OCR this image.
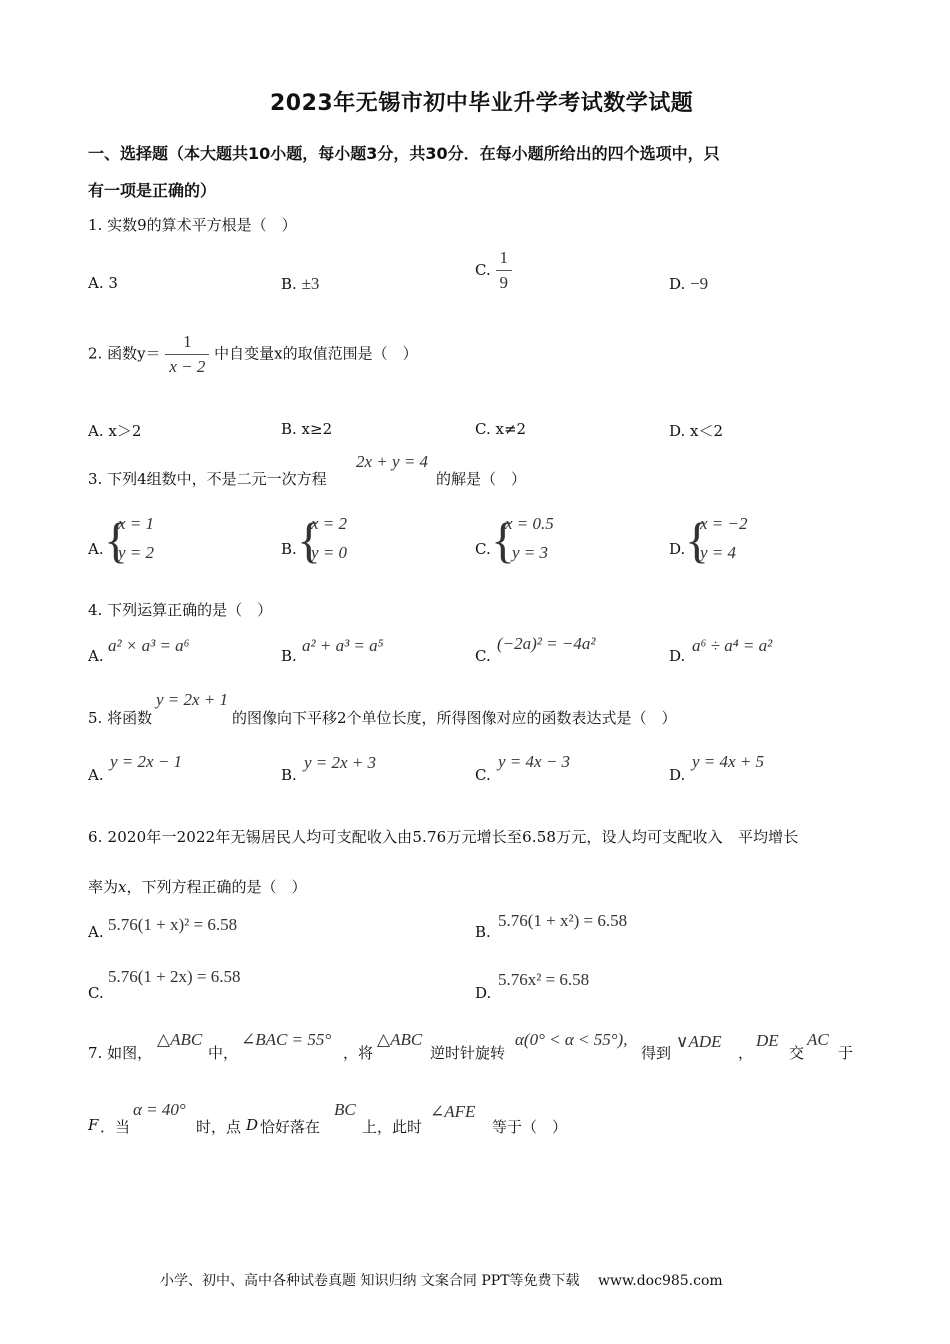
2023年无锡市初中毕业升学考试数学试题
一、选择题（本大题共10小题，每小题3分，共30分．在每小题所给出的四个选项中，只
有一项是正确的）
1. 实数9的算术平方根是（　）
A. 3	B. ±3
C. $\frac{1}{9}$	D. −9
2. 函数$y= \frac{1}{x - 2}$ 中自变量x的取值范围是（　）
A. x＞2	B. x≥2	C. x≠2	D. x＜2
3. 下列4组数中，不是二元一次方程
2x + y = 4
的解是（　）
A. {
x = 1
y = 2	B. {
x = 2
y = 0	C. {
x = 0.5
y = 3	D. {
x = −2
y = 4
4. 下列运算正确的是（　）
A.
a² × a³ = a⁶
B.
a² + a³ = a⁵
C.
(−2a)² = −4a²
D.
a⁶ ÷ a⁴ = a²
5. 将函数
y = 2x + 1
的图像向下平移2个单位长度，所得图像对应的函数表达式是（　）
A.
y = 2x − 1
B.
y = 2x + 3
C.
y = 4x − 3
D.
y = 4x + 5
6. 2020年一2022年无锡居民人均可支配收入由5.76万元增长至6.58万元，设人均可支配收入　平均增长
率为x，下列方程正确的是（　）
A. 5.76(1 + x)² = 6.58	B.
5.76(1 + x²) = 6.58
C.
5.76(1 + 2x) = 6.58
D.
5.76x² = 6.58
7. 如图，
△ABC
中，
∠BAC = 55°
，将
△ABC
逆时针旋转
α(0° < α < 55°),
得到
∨ADE
，
DE
交
AC
于
F ．当
α = 40°
时，点 D 恰好落在
BC
上，此时
∠AFE
等于（　）
小学、初中、高中各种试卷真题 知识归纳 文案合同 PPT等免费下载　 www.doc985.com
